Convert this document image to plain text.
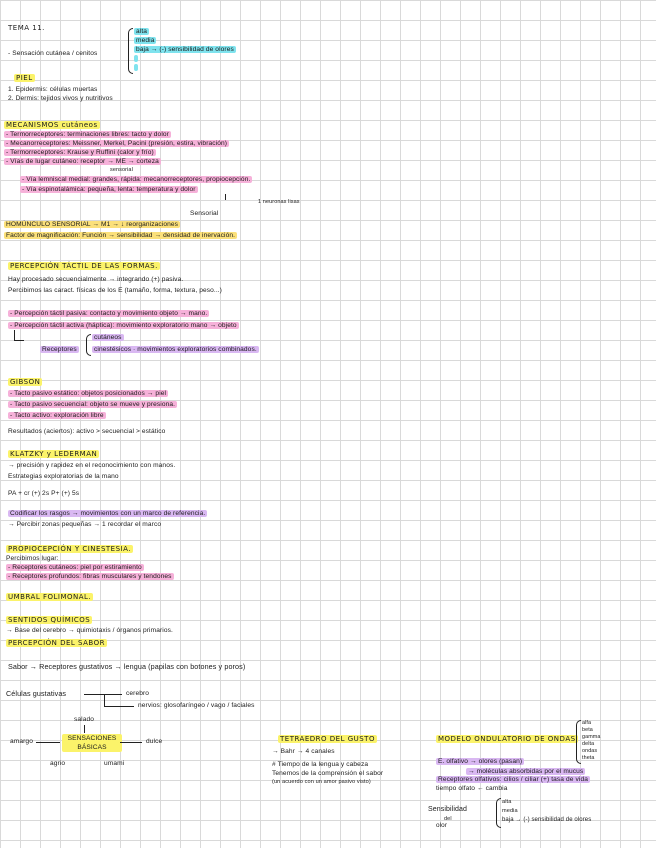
TEMA 11.
- Sensación cutánea / cenitos
alta
media
baja → (-) sensibilidad de olores
PIEL
1. Epidermis: células muertas
2. Dermis: tejidos vivos y nutritivos
MECANISMOS cutáneos
- Termorreceptores: terminaciones libres: tacto y dolor
- Mecanorreceptores: Meissner, Merkel, Pacini (presión, estira, vibración)
- Termorreceptores: Krause y Ruffini (calor y frío)
- Vías de lugar cutáneo: receptor → ME → corteza
sensorial
- Vía lemniscal medial: grandes, rápida: mecanorreceptores, propiocepción.
- Vía espinotalámica: pequeña, lenta: temperatura y dolor
1 neuronas lisas
Sensorial
HOMÚNCULO SENSORIAL → M1 → ↓ reorganizaciones
Factor de magnificación: Función → sensibilidad → densidad de inervación.
PERCEPCIÓN TÁCTIL DE LAS FORMAS.
Hay procesado secuencialmente → integrando (+) pasiva.
Percibimos las caract. físicas de los E (tamaño, forma, textura, peso...)
- Percepción táctil pasiva: contacto y movimiento objeto → mano.
- Percepción táctil activa (háptica): movimiento exploratorio mano → objeto
cutáneos
Receptores	cinestésicos · movimientos exploratorios combinados.
GIBSON
- Tacto pasivo estático: objetos posicionados → piel
- Tacto pasivo secuencial: objeto se mueve y presiona.
- Tacto activo: exploración libre
Resultados (aciertos): activo > secuencial > estático
KLATZKY y LEDERMAN
→ precisión y rapidez en el reconocimiento con manos.
Estrategias exploratorias de la mano
PA + cr (+) 2s P+ (+) 5s
Codificar los rasgos → movimientos con un marco de referencia.
→ Percibir zonas pequeñas → 1 recordar el marco
PROPIOCEPCIÓN Y CINESTESIA.
Percibimos lugar:
- Receptores cutáneos: piel por estiramiento
- Receptores profundos: fibras musculares y tendones
UMBRAL FOLIMONAL.
SENTIDOS QUÍMICOS
→ Base del cerebro → quimiotaxis / órganos primarios.
PERCEPCIÓN DEL SABOR
Sabor → Receptores gustativos → lengua (papilas con botones y poros)
Células gustativas	cerebro
nervios: glosofaríngeo / vago / faciales
salado
amargo	SENSACIONES BÁSICAS
dulce
agrio	umami
TETRAEDRO DEL GUSTO
→ Bahr → 4 canales
# Tiempo de la lengua y cabeza
Tenemos de la comprensión el sabor
(un acuerdo con un amor pasivo visto)
MODELO ONDULATORIO DE ONDAS
alfa
beta
gamma
delta
ondas
theta
E. olfativo → olores (pasan)
→ moléculas absorbidas por el mucus
Receptores olfativos: cilios / ciliar (+) tasa de vida
tiempo olfato ← cambia
Sensibilidad
del
olor
alta
media
baja → (-) sensibilidad de olores
